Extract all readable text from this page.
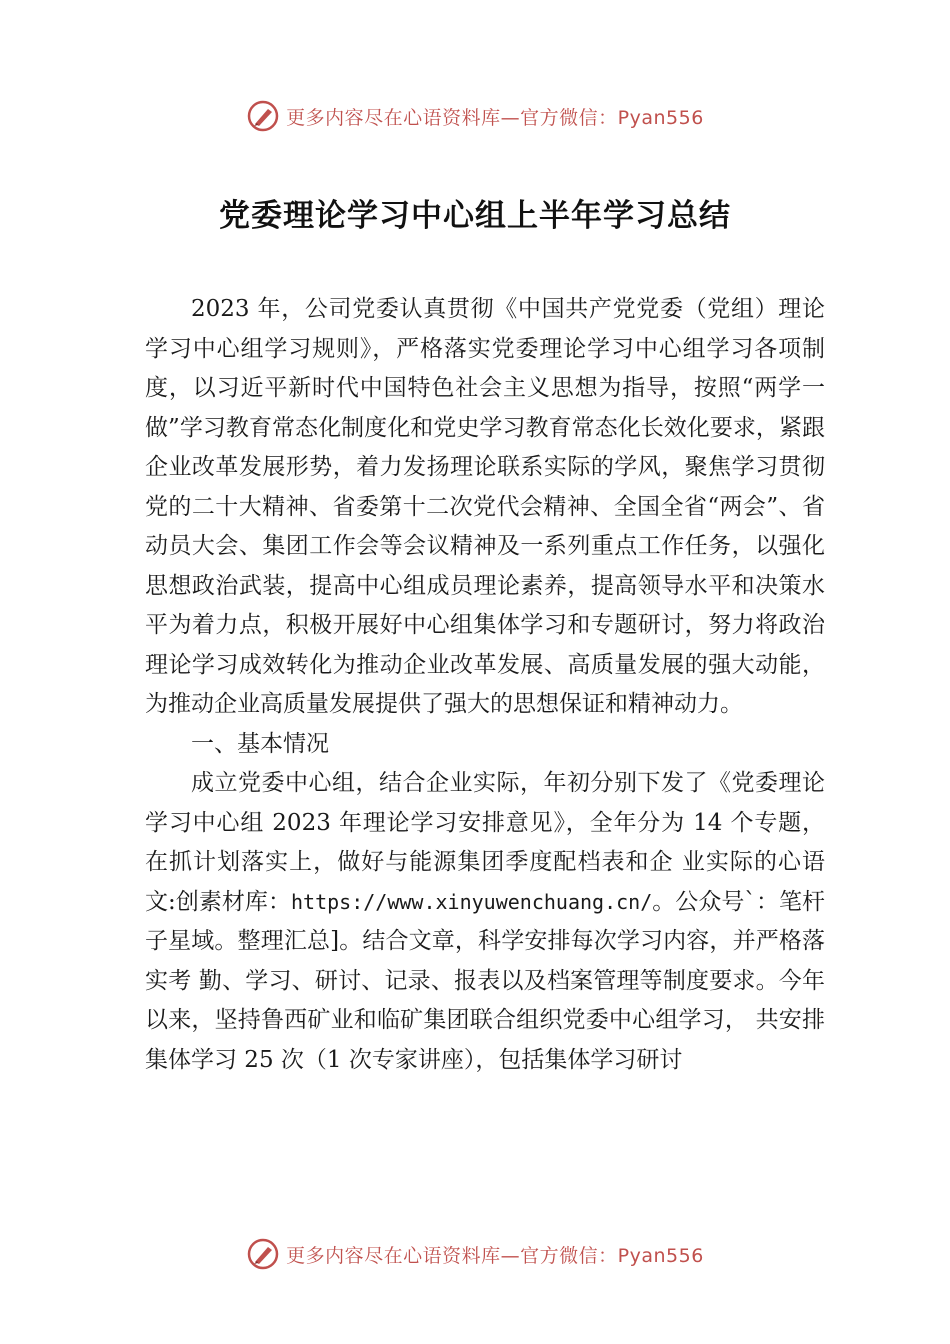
更多内容尽在心语资料库—官方微信：Pyan556
党委理论学习中心组上半年学习总结

2023 年，公司党委认真贯彻《中国共产党党委（党组）理论学习中心组学习规则》，严格落实党委理论学习中心组学习各项制度，以习近平新时代中国特色社会主义思想为指导，按照“两学一做”学习教育常态化制度化和党史学习教育常态化长效化要求，紧跟企业改革发展形势，着力发扬理论联系实际的学风，聚焦学习贯彻党的二十大精神、省委第十二次党代会精神、全国全省“两会”、省动员大会、集团工作会等会议精神及一系列重点工作任务，以强化思想政治武装，提高中心组成员理论素养，提高领导水平和决策水平为着力点，积极开展好中心组集体学习和专题研讨，努力将政治理论学习成效转化为推动企业改革发展、高质量发展的强大动能，为推动企业高质量发展提供了强大的思想保证和精神动力。

一、基本情况

成立党委中心组，结合企业实际，年初分别下发了《党委理论学习中心组 2023 年理论学习安排意见》，全年分为 14 个专题，在抓计划落实上，做好与能源集团季度配档表和企 业实际的心语文:创素材库：https://www.xinyuwenchuang.cn/。公众号`：笔杆子星域。整理汇总]。结合文章，科学安排每次学习内容，并严格落实考 勤、学习、研讨、记录、报表以及档案管理等制度要求。今年以来，坚持鲁西矿业和临矿集团联合组织党委中心组学习， 共安排集体学习 25 次（1 次专家讲座），包括集体学习研讨

更多内容尽在心语资料库—官方微信：Pyan556
